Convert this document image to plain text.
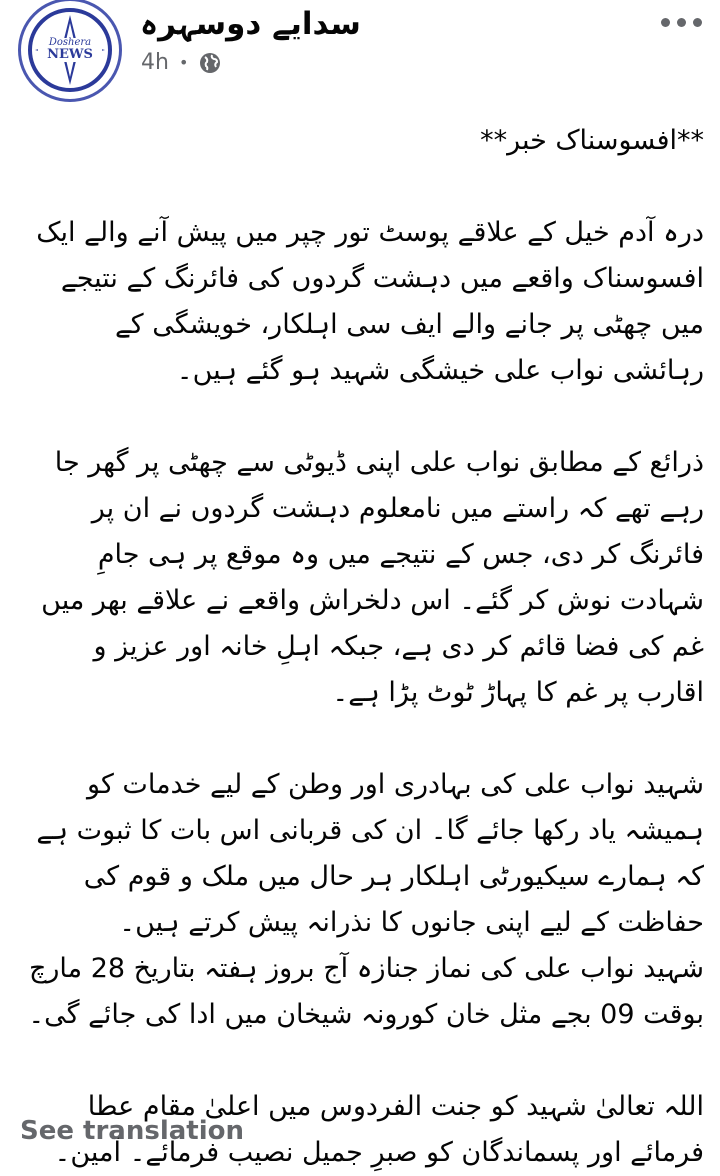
Doshera
NEWS
سدایے دوسہرہ
4h •

**افسوسناک خبر**

درہ آدم خیل کے علاقے پوسٹ تور چپر میں پیش آنے والے ایک افسوسناک واقعے میں دہشت گردوں کی فائرنگ کے نتیجے میں چھٹی پر جانے والے ایف سی اہلکار، خویشگی کے رہائشی نواب علی خیشگی شہید ہو گئے ہیں۔

ذرائع کے مطابق نواب علی اپنی ڈیوٹی سے چھٹی پر گھر جا رہے تھے کہ راستے میں نامعلوم دہشت گردوں نے ان پر فائرنگ کر دی، جس کے نتیجے میں وہ موقع پر ہی جامِ شہادت نوش کر گئے۔ اس دلخراش واقعے نے علاقے بھر میں غم کی فضا قائم کر دی ہے، جبکہ اہلِ خانہ اور عزیز و اقارب پر غم کا پہاڑ ٹوٹ پڑا ہے۔

شہید نواب علی کی بہادری اور وطن کے لیے خدمات کو ہمیشہ یاد رکھا جائے گا۔ ان کی قربانی اس بات کا ثبوت ہے کہ ہمارے سیکیورٹی اہلکار ہر حال میں ملک و قوم کی حفاظت کے لیے اپنی جانوں کا نذرانہ پیش کرتے ہیں۔
شہید نواب علی کی نماز جنازہ آج بروز ہفتہ بتاریخ 28 مارچ بوقت 09 بجے مثل خان کورونہ شیخان میں ادا کی جائے گی۔

اللہ تعالیٰ شہید کو جنت الفردوس میں اعلیٰ مقام عطا فرمائے اور پسماندگان کو صبرِ جمیل نصیب فرمائے۔ آمین۔

See translation
